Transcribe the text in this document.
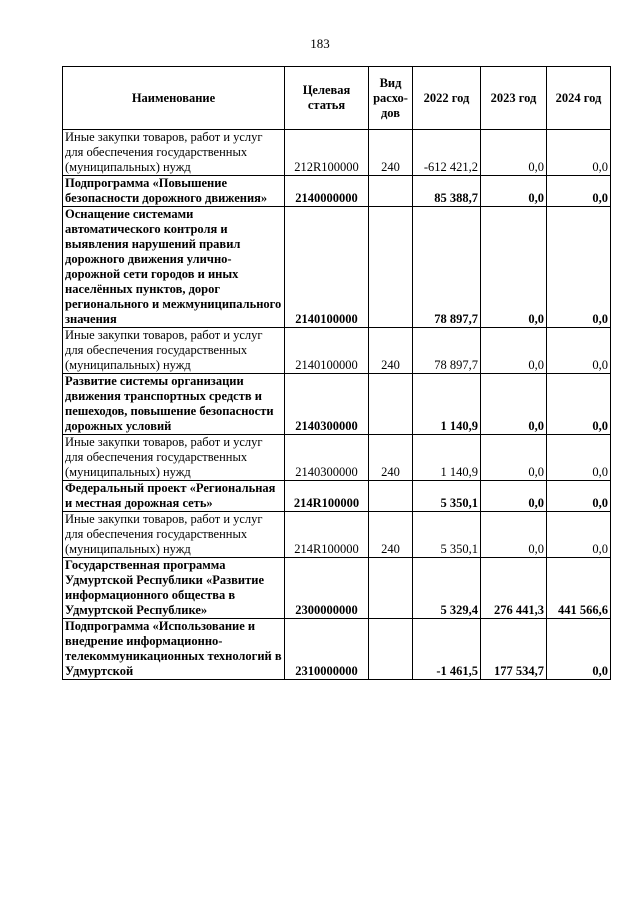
183
Наименование	Целевая статья	Вид расхо-дов	2022 год	2023 год	2024 год
Иные закупки товаров, работ и услуг для обеспечения государственных (муниципальных) нужд	212R100000	240	-612 421,2	0,0	0,0
Подпрограмма «Повышение безопасности дорожного движения»	2140000000		85 388,7	0,0	0,0
Оснащение системами автоматического контроля и выявления нарушений правил дорожного движения улично-дорожной сети городов и иных населённых пунктов, дорог регионального и межмуниципального значения	2140100000		78 897,7	0,0	0,0
Иные закупки товаров, работ и услуг для обеспечения государственных (муниципальных) нужд	2140100000	240	78 897,7	0,0	0,0
Развитие системы организации движения транспортных средств и пешеходов, повышение безопасности дорожных условий	2140300000		1 140,9	0,0	0,0
Иные закупки товаров, работ и услуг для обеспечения государственных (муниципальных) нужд	2140300000	240	1 140,9	0,0	0,0
Федеральный проект «Региональная и местная дорожная сеть»	214R100000		5 350,1	0,0	0,0
Иные закупки товаров, работ и услуг для обеспечения государственных (муниципальных) нужд	214R100000	240	5 350,1	0,0	0,0
Государственная программа Удмуртской Республики «Развитие информационного общества в Удмуртской Республике»	2300000000		5 329,4	276 441,3	441 566,6
Подпрограмма «Использование и внедрение информационно-телекоммуникационных технологий в Удмуртской	2310000000		-1 461,5	177 534,7	0,0
